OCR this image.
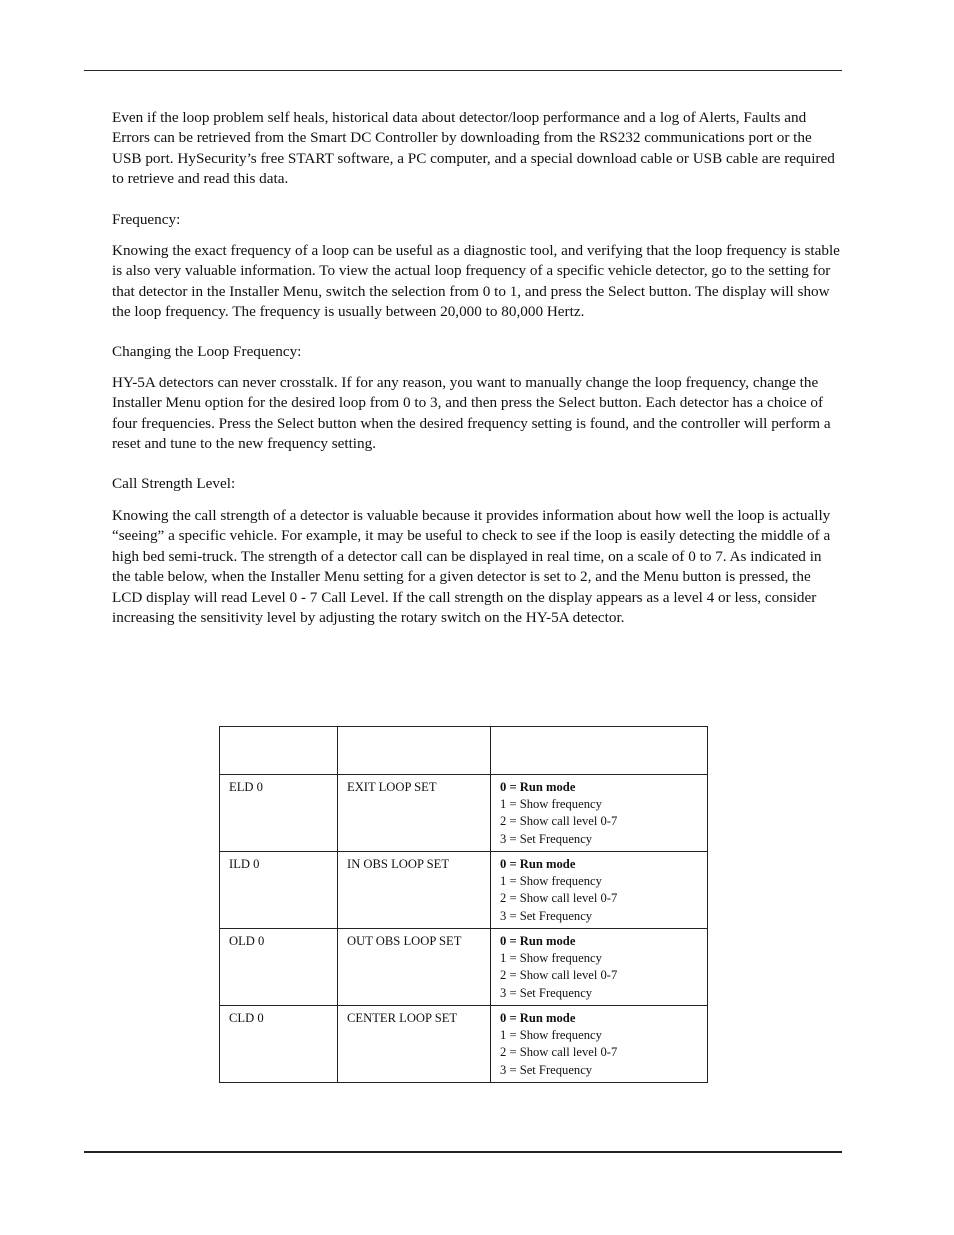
Even if the loop problem self heals, historical data about detector/loop performance and a log of Alerts, Faults and Errors can be retrieved from the Smart DC Controller by downloading from the RS232 communications port or the USB port. HySecurity’s free START software, a PC computer, and a special download cable or USB cable are required to retrieve and read this data.

Frequency:

Knowing the exact frequency of a loop can be useful as a diagnostic tool, and verifying that the loop frequency is stable is also very valuable information. To view the actual loop frequency of a specific vehicle detector, go to the setting for that detector in the Installer Menu, switch the selection from 0 to 1, and press the Select button. The display will show the loop frequency. The frequency is usually between 20,000 to 80,000 Hertz.

Changing the Loop Frequency:

HY-5A detectors can never crosstalk. If for any reason, you want to manually change the loop frequency, change the Installer Menu option for the desired loop from 0 to 3, and then press the Select button. Each detector has a choice of four frequencies. Press the Select button when the desired frequency setting is found, and the controller will perform a reset and tune to the new frequency setting.

Call Strength Level:

Knowing the call strength of a detector is valuable because it provides information about how well the loop is actually “seeing” a specific vehicle. For example, it may be useful to check to see if the loop is easily detecting the middle of a high bed semi-truck. The strength of a detector call can be displayed in real time, on a scale of 0 to 7. As indicated in the table below, when the Installer Menu setting for a given detector is set to 2, and the Menu button is pressed, the LCD display will read Level 0 - 7 Call Level. If the call strength on the display appears as a level 4 or less, consider increasing the sensitivity level by adjusting the rotary switch on the HY-5A detector.

ELD 0	EXIT LOOP SET	0 = Run mode
1 = Show frequency
2 = Show call level 0-7
3 = Set Frequency

ILD 0	IN OBS LOOP SET	0 = Run mode
1 = Show frequency
2 = Show call level 0-7
3 = Set Frequency

OLD 0	OUT OBS LOOP SET	0 = Run mode
1 = Show frequency
2 = Show call level 0-7
3 = Set Frequency

CLD 0	CENTER LOOP SET	0 = Run mode
1 = Show frequency
2 = Show call level 0-7
3 = Set Frequency
